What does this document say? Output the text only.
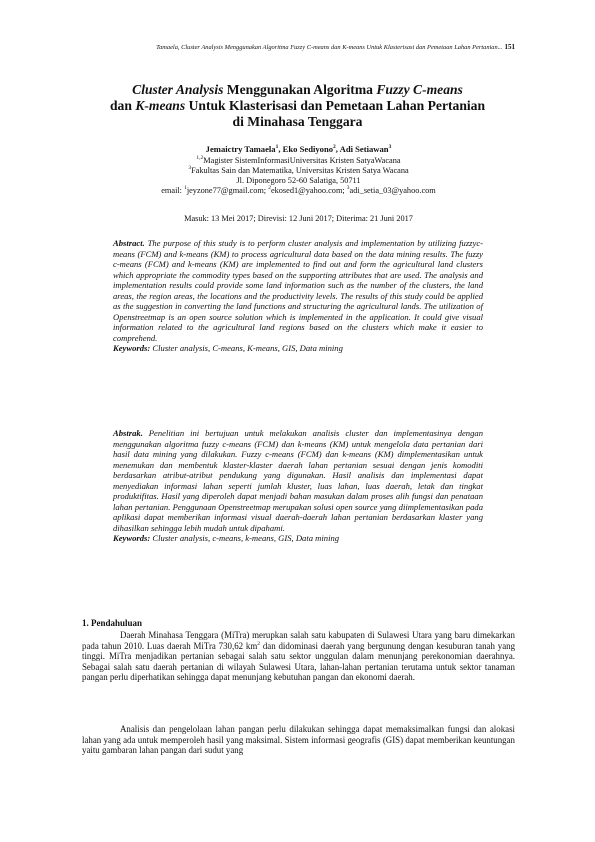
Tamaela, Cluster Analysis Menggunakan Algoritma Fuzzy C-means dan K-means Untuk Klasterisasi dan Pemetaan Lahan Pertanian... 151
Cluster Analysis Menggunakan Algoritma Fuzzy C-means
dan K-means Untuk Klasterisasi dan Pemetaan Lahan Pertanian
di Minahasa Tenggara
Jemaictry Tamaela$^1$, Eko Sediyono$^2$, Adi Setiawan$^3$
$^{1,2}$Magister SistemInformasiUniversitas Kristen SatyaWacana
$^3$Fakultas Sain dan Matematika, Universitas Kristen Satya Wacana
Jl. Diponegoro 52-60 Salatiga, 50711
email: $^1$jeyzone77@gmail.com; $^2$ekosed1@yahoo.com; $^3$adi_setia_03@yahoo.com
Masuk: 13 Mei 2017; Direvisi: 12 Juni 2017; Diterima: 21 Juni 2017
Abstract. The purpose of this study is to perform cluster analysis and implementation by utilizing fuzzyc-means (FCM) and k-means (KM) to process agricultural data based on the data mining results. The fuzzy c-means (FCM) and k-means (KM) are implemented to find out and form the agricultural land clusters which appropriate the commodity types based on the supporting attributes that are used. The analysis and implementation results could provide some land information such as the number of the clusters, the land areas, the region areas, the locations and the productivity levels. The results of this study could be applied as the suggestion in converting the land functions and structuring the agricultural lands. The utilization of Openstreetmap is an open source solution which is implemented in the application. It could give visual information related to the agricultural land regions based on the clusters which make it easier to comprehend.
Keywords: Cluster analysis, C-means, K-means, GIS, Data mining
Abstrak. Penelitian ini bertujuan untuk melakukan analisis cluster dan implementasinya dengan menggunakan algoritma fuzzy c-means (FCM) dan k-means (KM) untuk mengelola data pertanian dari hasil data mining yang dilakukan. Fuzzy c-means (FCM) dan k-means (KM) dimplementasikan untuk menemukan dan membentuk klaster-klaster daerah lahan pertanian sesuai dengan jenis komoditi berdasarkan atribut-atribut pendukung yang digunakan. Hasil analisis dan implementasi dapat menyediakan informasi lahan seperti jumlah kluster, luas lahan, luas daerah, letak dan tingkat produktifitas. Hasil yang diperoleh dapat menjadi bahan masukan dalam proses alih fungsi dan penataan lahan pertanian. Penggunaan Openstreetmap merupakan solusi open source yang diimplementasikan pada aplikasi dapat memberikan informasi visual daerah-daerah lahan pertanian berdasarkan klaster yang dihasilkan sehingga lebih mudah untuk dipahami.
Keywords: Cluster analysis, c-means, k-means, GIS, Data mining
1. Pendahuluan
Daerah Minahasa Tenggara (MiTra) merupkan salah satu kabupaten di Sulawesi Utara yang baru dimekarkan pada tahun 2010. Luas daerah MiTra 730,62 $km^2$ dan didominasi daerah yang bergunung dengan kesuburan tanah yang tinggi. MiTra menjadikan pertanian sebagai salah satu sektor unggulan dalam menunjang perekonomian daerahnya. Sebagai salah satu daerah pertanian di wilayah Sulawesi Utara, lahan-lahan pertanian terutama untuk sektor tanaman pangan perlu diperhatikan sehingga dapat menunjang kebutuhan pangan dan ekonomi daerah.
Analisis dan pengelolaan lahan pangan perlu dilakukan sehingga dapat memaksimalkan fungsi dan alokasi lahan yang ada untuk memperoleh hasil yang maksimal. Sistem informasi geografis (GIS) dapat memberikan keuntungan yaitu gambaran lahan pangan dari sudut yang
